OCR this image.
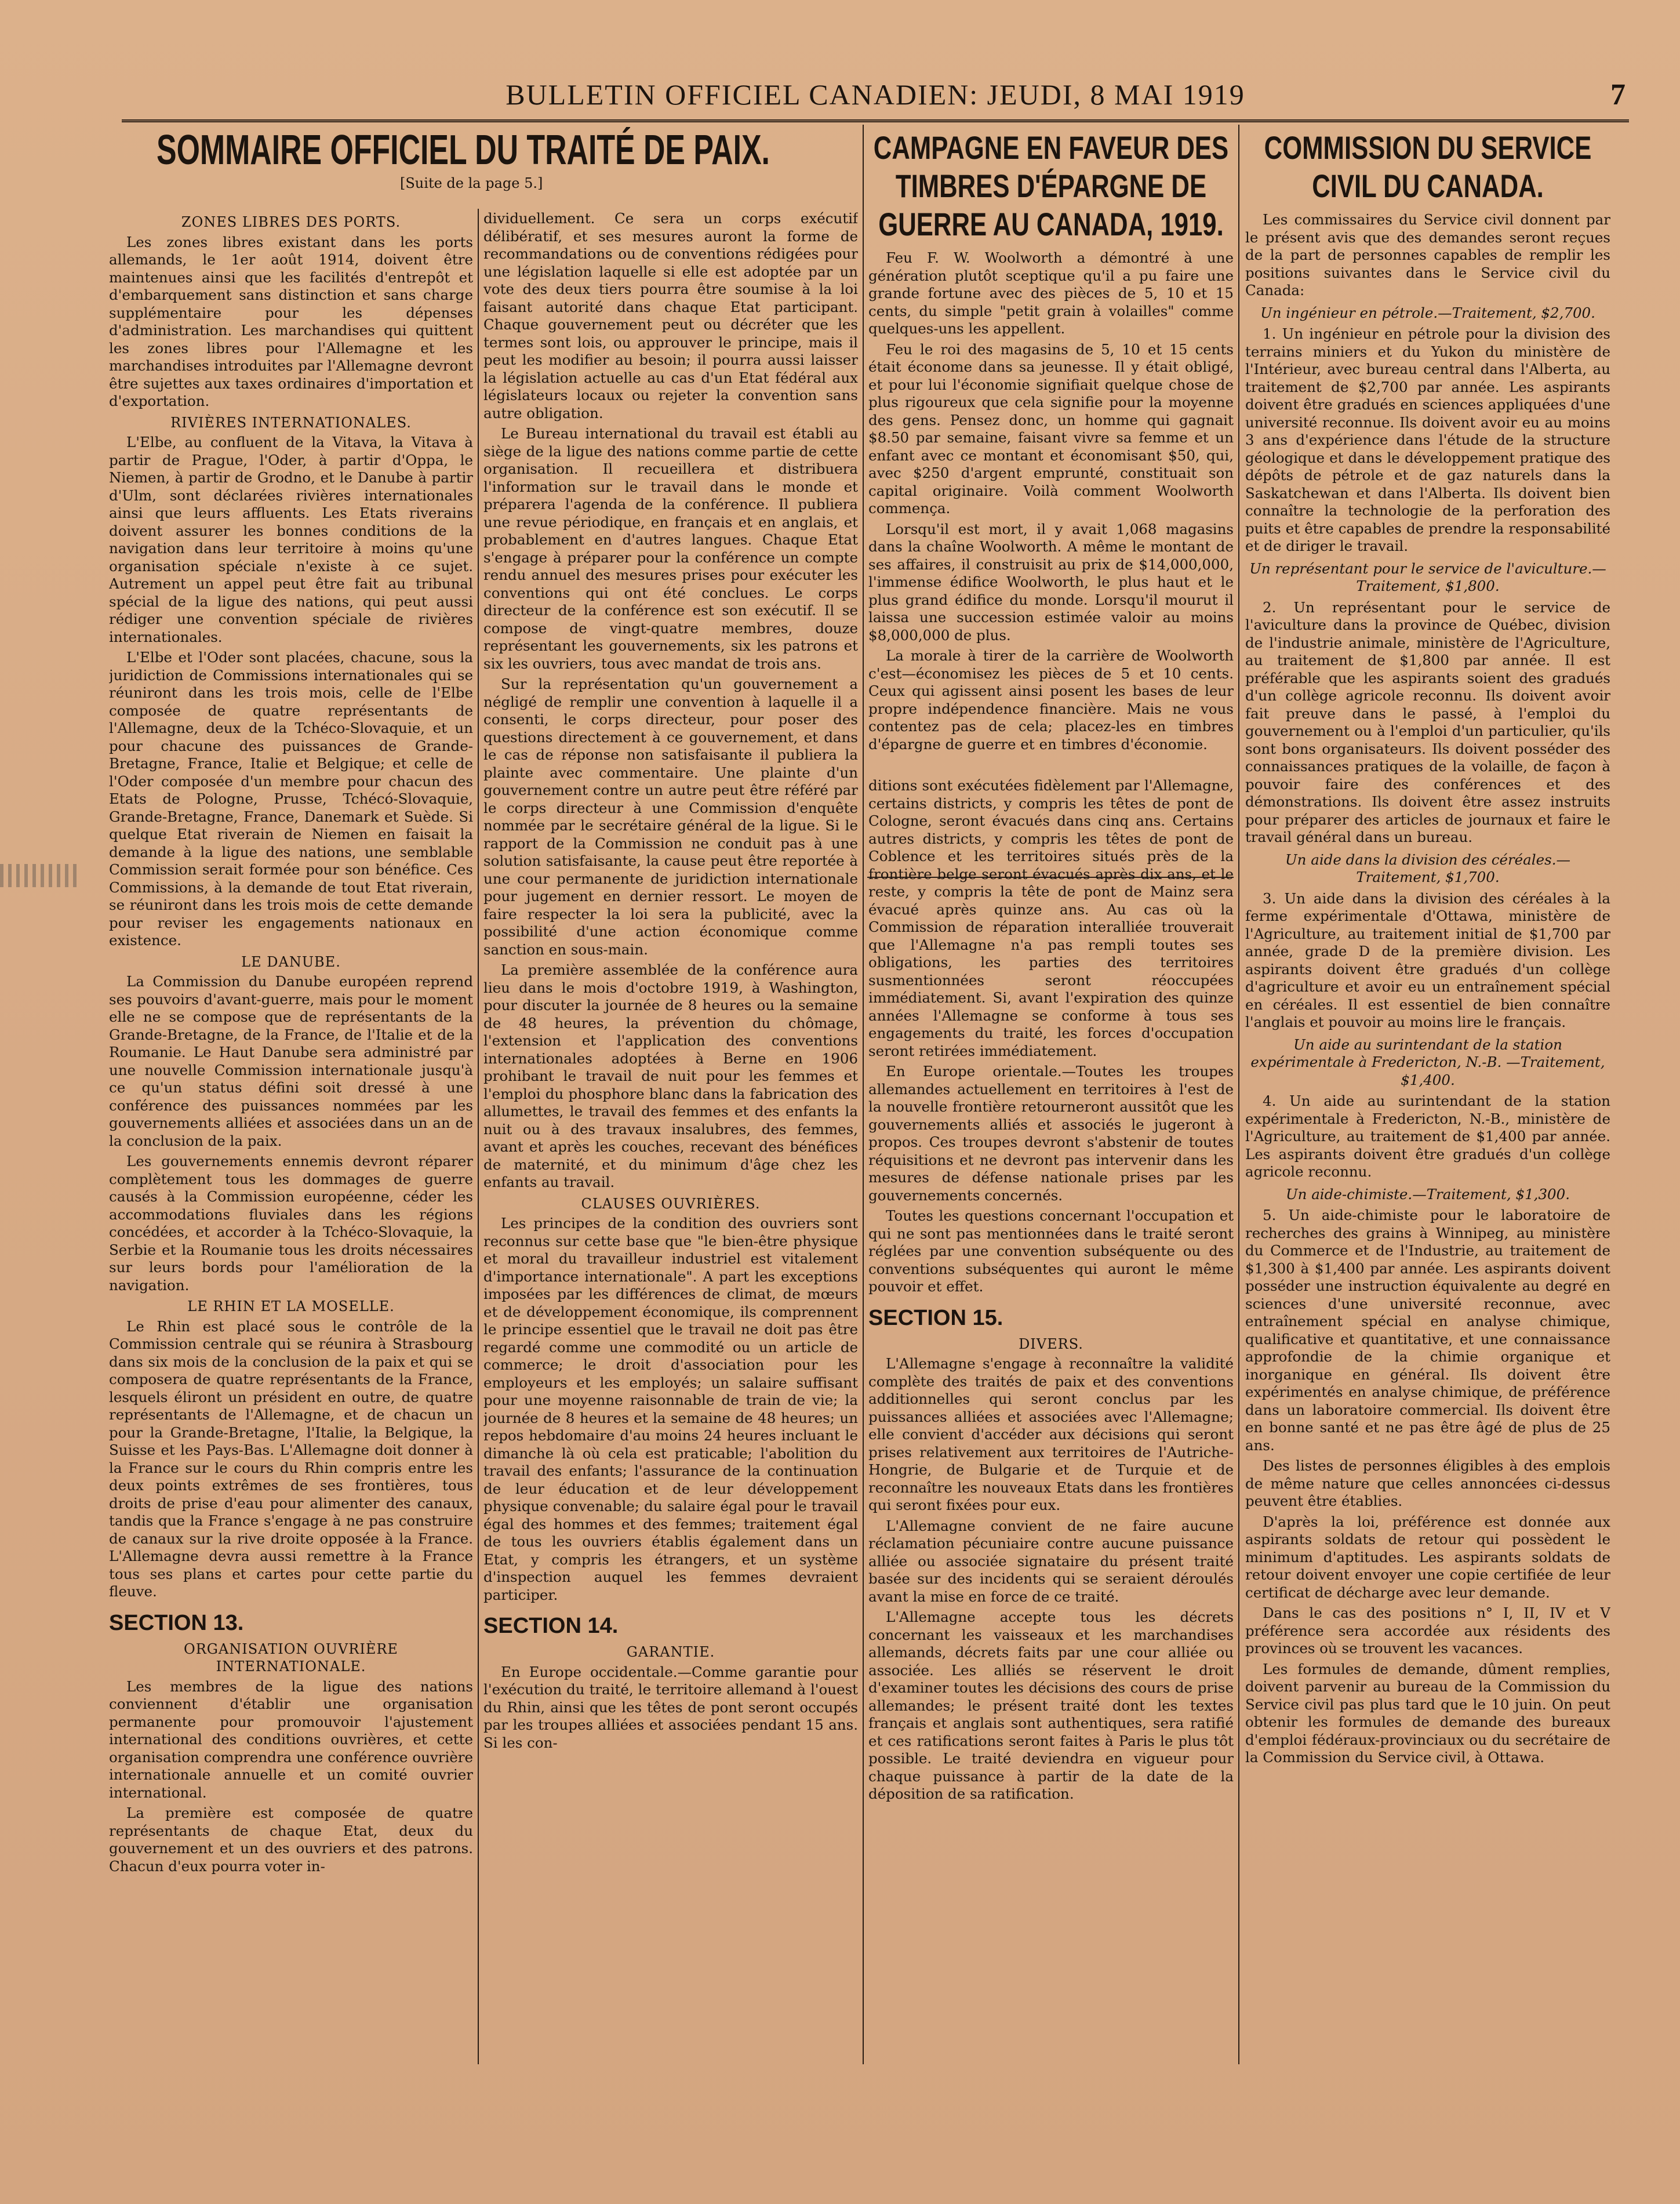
BULLETIN OFFICIEL CANADIEN: JEUDI, 8 MAI 1919	7
SOMMAIRE OFFICIEL DU TRAITÉ DE PAIX.
[Suite de la page 5.]
ZONES LIBRES DES PORTS.

Les zones libres existant dans les ports allemands, le 1er août 1914, doivent être maintenues ainsi que les facilités d'entrepôt et d'embarquement sans distinction et sans charge supplémentaire pour les dépenses d'administration. Les marchandises qui quittent les zones libres pour l'Allemagne et les marchandises introduites par l'Allemagne devront être sujettes aux taxes ordinaires d'importation et d'exportation.

RIVIÈRES INTERNATIONALES.

L'Elbe, au confluent de la Vitava, la Vitava à partir de Prague, l'Oder, à partir d'Oppa, le Niemen, à partir de Grodno, et le Danube à partir d'Ulm, sont déclarées rivières internationales ainsi que leurs affluents. Les Etats riverains doivent assurer les bonnes conditions de la navigation dans leur territoire à moins qu'une organisation spéciale n'existe à ce sujet. Autrement un appel peut être fait au tribunal spécial de la ligue des nations, qui peut aussi rédiger une convention spéciale de rivières internationales.

L'Elbe et l'Oder sont placées, chacune, sous la juridiction de Commissions internationales qui se réuniront dans les trois mois, celle de l'Elbe composée de quatre représentants de l'Allemagne, deux de la Tchéco-Slovaquie, et un pour chacune des puissances de Grande-Bretagne, France, Italie et Belgique; et celle de l'Oder composée d'un membre pour chacun des Etats de Pologne, Prusse, Tchécó-Slovaquie, Grande-Bretagne, France, Danemark et Suède. Si quelque Etat riverain de Niemen en faisait la demande à la ligue des nations, une semblable Commission serait formée pour son bénéfice. Ces Commissions, à la demande de tout Etat riverain, se réuniront dans les trois mois de cette demande pour reviser les engagements nationaux en existence.

LE DANUBE.

La Commission du Danube européen reprend ses pouvoirs d'avant-guerre, mais pour le moment elle ne se compose que de représentants de la Grande-Bretagne, de la France, de l'Italie et de la Roumanie. Le Haut Danube sera administré par une nouvelle Commission internationale jusqu'à ce qu'un status défini soit dressé à une conférence des puissances nommées par les gouvernements alliées et associées dans un an de la conclusion de la paix.

Les gouvernements ennemis devront réparer complètement tous les dommages de guerre causés à la Commission européenne, céder les accommodations fluviales dans les régions concédées, et accorder à la Tchéco-Slovaquie, la Serbie et la Roumanie tous les droits nécessaires sur leurs bords pour l'amélioration de la navigation.

LE RHIN ET LA MOSELLE.

Le Rhin est placé sous le contrôle de la Commission centrale qui se réunira à Strasbourg dans six mois de la conclusion de la paix et qui se composera de quatre représentants de la France, lesquels éliront un président en outre, de quatre représentants de l'Allemagne, et de chacun un pour la Grande-Bretagne, l'Italie, la Belgique, la Suisse et les Pays-Bas. L'Allemagne doit donner à la France sur le cours du Rhin compris entre les deux points extrêmes de ses frontières, tous droits de prise d'eau pour alimenter des canaux, tandis que la France s'engage à ne pas construire de canaux sur la rive droite opposée à la France. L'Allemagne devra aussi remettre à la France tous ses plans et cartes pour cette partie du fleuve.

SECTION 13.
ORGANISATION OUVRIÈRE INTERNATIONALE.

Les membres de la ligue des nations conviennent d'établir une organisation permanente pour promouvoir l'ajustement international des conditions ouvrières, et cette organisation comprendra une conférence ouvrière internationale annuelle et un comité ouvrier international.

La première est composée de quatre représentants de chaque Etat, deux du gouvernement et un des ouvriers et des patrons. Chacun d'eux pourra voter in-

dividuellement. Ce sera un corps exécutif délibératif, et ses mesures auront la forme de recommandations ou de conventions rédigées pour une législation laquelle si elle est adoptée par un vote des deux tiers pourra être soumise à la loi faisant autorité dans chaque Etat participant. Chaque gouvernement peut ou décréter que les termes sont lois, ou approuver le principe, mais il peut les modifier au besoin; il pourra aussi laisser la législation actuelle au cas d'un Etat fédéral aux législateurs locaux ou rejeter la convention sans autre obligation.

Le Bureau international du travail est établi au siège de la ligue des nations comme partie de cette organisation. Il recueillera et distribuera l'information sur le travail dans le monde et préparera l'agenda de la conférence. Il publiera une revue périodique, en français et en anglais, et probablement en d'autres langues. Chaque Etat s'engage à préparer pour la conférence un compte rendu annuel des mesures prises pour exécuter les conventions qui ont été conclues. Le corps directeur de la conférence est son exécutif. Il se compose de vingt-quatre membres, douze représentant les gouvernements, six les patrons et six les ouvriers, tous avec mandat de trois ans.

Sur la représentation qu'un gouvernement a négligé de remplir une convention à laquelle il a consenti, le corps directeur, pour poser des questions directement à ce gouvernement, et dans le cas de réponse non satisfaisante il publiera la plainte avec commentaire. Une plainte d'un gouvernement contre un autre peut être référé par le corps directeur à une Commission d'enquête nommée par le secrétaire général de la ligue. Si le rapport de la Commission ne conduit pas à une solution satisfaisante, la cause peut être reportée à une cour permanente de juridiction internationale pour jugement en dernier ressort. Le moyen de faire respecter la loi sera la publicité, avec la possibilité d'une action économique comme sanction en sous-main.

La première assemblée de la conférence aura lieu dans le mois d'octobre 1919, à Washington, pour discuter la journée de 8 heures ou la semaine de 48 heures, la prévention du chômage, l'extension et l'application des conventions internationales adoptées à Berne en 1906 prohibant le travail de nuit pour les femmes et l'emploi du phosphore blanc dans la fabrication des allumettes, le travail des femmes et des enfants la nuit ou à des travaux insalubres, des femmes, avant et après les couches, recevant des bénéfices de maternité, et du minimum d'âge chez les enfants au travail.

CLAUSES OUVRIÈRES.

Les principes de la condition des ouvriers sont reconnus sur cette base que "le bien-être physique et moral du travailleur industriel est vitalement d'importance internationale". A part les exceptions imposées par les différences de climat, de mœurs et de développement économique, ils comprennent le principe essentiel que le travail ne doit pas être regardé comme une commodité ou un article de commerce; le droit d'association pour les employeurs et les employés; un salaire suffisant pour une moyenne raisonnable de train de vie; la journée de 8 heures et la semaine de 48 heures; un repos hebdomaire d'au moins 24 heures incluant le dimanche là où cela est praticable; l'abolition du travail des enfants; l'assurance de la continuation de leur éducation et de leur développement physique convenable; du salaire égal pour le travail égal des hommes et des femmes; traitement égal de tous les ouvriers établis également dans un Etat, y compris les étrangers, et un système d'inspection auquel les femmes devraient participer.

SECTION 14.
GARANTIE.

En Europe occidentale.—Comme garantie pour l'exécution du traité, le territoire allemand à l'ouest du Rhin, ainsi que les têtes de pont seront occupés par les troupes alliées et associées pendant 15 ans. Si les con-

CAMPAGNE EN FAVEUR DES TIMBRES D'ÉPARGNE DE GUERRE AU CANADA, 1919.

Feu F. W. Woolworth a démontré à une génération plutôt sceptique qu'il a pu faire une grande fortune avec des pièces de 5, 10 et 15 cents, du simple "petit grain à volailles" comme quelques-uns les appellent.

Feu le roi des magasins de 5, 10 et 15 cents était économe dans sa jeunesse. Il y était obligé, et pour lui l'économie signifiait quelque chose de plus rigoureux que cela signifie pour la moyenne des gens. Pensez donc, un homme qui gagnait $8.50 par semaine, faisant vivre sa femme et un enfant avec ce montant et économisant $50, qui, avec $250 d'argent emprunté, constituait son capital originaire. Voilà comment Woolworth commença.

Lorsqu'il est mort, il y avait 1,068 magasins dans la chaîne Woolworth. A même le montant de ses affaires, il construisit au prix de $14,000,000, l'immense édifice Woolworth, le plus haut et le plus grand édifice du monde. Lorsqu'il mourut il laissa une succession estimée valoir au moins $8,000,000 de plus.

La morale à tirer de la carrière de Woolworth c'est—économisez les pièces de 5 et 10 cents. Ceux qui agissent ainsi posent les bases de leur propre indépendence financière. Mais ne vous contentez pas de cela; placez-les en timbres d'épargne de guerre et en timbres d'économie.

ditions sont exécutées fidèlement par l'Allemagne, certains districts, y compris les têtes de pont de Cologne, seront évacués dans cinq ans. Certains autres districts, y compris les têtes de pont de Coblence et les territoires situés près de la frontière belge seront évacués après dix ans, et le reste, y compris la tête de pont de Mainz sera évacué après quinze ans. Au cas où la Commission de réparation interalliée trouverait que l'Allemagne n'a pas rempli toutes ses obligations, les parties des territoires susmentionnées seront réoccupées immédiatement. Si, avant l'expiration des quinze années l'Allemagne se conforme à tous ses engagements du traité, les forces d'occupation seront retirées immédiatement.

En Europe orientale.—Toutes les troupes allemandes actuellement en territoires à l'est de la nouvelle frontière retourneront aussitôt que les gouvernements alliés et associés le jugeront à propos. Ces troupes devront s'abstenir de toutes réquisitions et ne devront pas intervenir dans les mesures de défense nationale prises par les gouvernements concernés.

Toutes les questions concernant l'occupation et qui ne sont pas mentionnées dans le traité seront réglées par une convention subséquente ou des conventions subséquentes qui auront le même pouvoir et effet.

SECTION 15.
DIVERS.

L'Allemagne s'engage à reconnaître la validité complète des traités de paix et des conventions additionnelles qui seront conclus par les puissances alliées et associées avec l'Allemagne; elle convient d'accéder aux décisions qui seront prises relativement aux territoires de l'Autriche-Hongrie, de Bulgarie et de Turquie et de reconnaître les nouveaux Etats dans les frontières qui seront fixées pour eux.

L'Allemagne convient de ne faire aucune réclamation pécuniaire contre aucune puissance alliée ou associée signataire du présent traité basée sur des incidents qui se seraient déroulés avant la mise en force de ce traité.

L'Allemagne accepte tous les décrets concernant les vaisseaux et les marchandises allemands, décrets faits par une cour alliée ou associée. Les alliés se réservent le droit d'examiner toutes les décisions des cours de prise allemandes; le présent traité dont les textes français et anglais sont authentiques, sera ratifié et ces ratifications seront faites à Paris le plus tôt possible. Le traité deviendra en vigueur pour chaque puissance à partir de la date de la déposition de sa ratification.

COMMISSION DU SERVICE CIVIL DU CANADA.

Les commissaires du Service civil donnent par le présent avis que des demandes seront reçues de la part de personnes capables de remplir les positions suivantes dans le Service civil du Canada:

Un ingénieur en pétrole.—Traitement, $2,700.

1. Un ingénieur en pétrole pour la division des terrains miniers et du Yukon du ministère de l'Intérieur, avec bureau central dans l'Alberta, au traitement de $2,700 par année. Les aspirants doivent être gradués en sciences appliquées d'une université reconnue. Ils doivent avoir eu au moins 3 ans d'expérience dans l'étude de la structure géologique et dans le développement pratique des dépôts de pétrole et de gaz naturels dans la Saskatchewan et dans l'Alberta. Ils doivent bien connaître la technologie de la perforation des puits et être capables de prendre la responsabilité et de diriger le travail.

Un représentant pour le service de l'aviculture.—Traitement, $1,800.

2. Un représentant pour le service de l'aviculture dans la province de Québec, division de l'industrie animale, ministère de l'Agriculture, au traitement de $1,800 par année. Il est préférable que les aspirants soient des gradués d'un collège agricole reconnu. Ils doivent avoir fait preuve dans le passé, à l'emploi du gouvernement ou à l'emploi d'un particulier, qu'ils sont bons organisateurs. Ils doivent posséder des connaissances pratiques de la volaille, de façon à pouvoir faire des conférences et des démonstrations. Ils doivent être assez instruits pour préparer des articles de journaux et faire le travail général dans un bureau.

Un aide dans la division des céréales.—Traitement, $1,700.

3. Un aide dans la division des céréales à la ferme expérimentale d'Ottawa, ministère de l'Agriculture, au traitement initial de $1,700 par année, grade D de la première division. Les aspirants doivent être gradués d'un collège d'agriculture et avoir eu un entraînement spécial en céréales. Il est essentiel de bien connaître l'anglais et pouvoir au moins lire le français.

Un aide au surintendant de la station expérimentale à Fredericton, N.-B. —Traitement, $1,400.

4. Un aide au surintendant de la station expérimentale à Fredericton, N.-B., ministère de l'Agriculture, au traitement de $1,400 par année. Les aspirants doivent être gradués d'un collège agricole reconnu.

Un aide-chimiste.—Traitement, $1,300.

5. Un aide-chimiste pour le laboratoire de recherches des grains à Winnipeg, au ministère du Commerce et de l'Industrie, au traitement de $1,300 à $1,400 par année. Les aspirants doivent posséder une instruction équivalente au degré en sciences d'une université reconnue, avec entraînement spécial en analyse chimique, qualificative et quantitative, et une connaissance approfondie de la chimie organique et inorganique en général. Ils doivent être expérimentés en analyse chimique, de préférence dans un laboratoire commercial. Ils doivent être en bonne santé et ne pas être âgé de plus de 25 ans.

Des listes de personnes éligibles à des emplois de même nature que celles annoncées ci-dessus peuvent être établies.

D'après la loi, préférence est donnée aux aspirants soldats de retour qui possèdent le minimum d'aptitudes. Les aspirants soldats de retour doivent envoyer une copie certifiée de leur certificat de décharge avec leur demande.

Dans le cas des positions n° I, II, IV et V préférence sera accordée aux résidents des provinces où se trouvent les vacances.

Les formules de demande, dûment remplies, doivent parvenir au bureau de la Commission du Service civil pas plus tard que le 10 juin. On peut obtenir les formules de demande des bureaux d'emploi fédéraux-provinciaux ou du secrétaire de la Commission du Service civil, à Ottawa.
